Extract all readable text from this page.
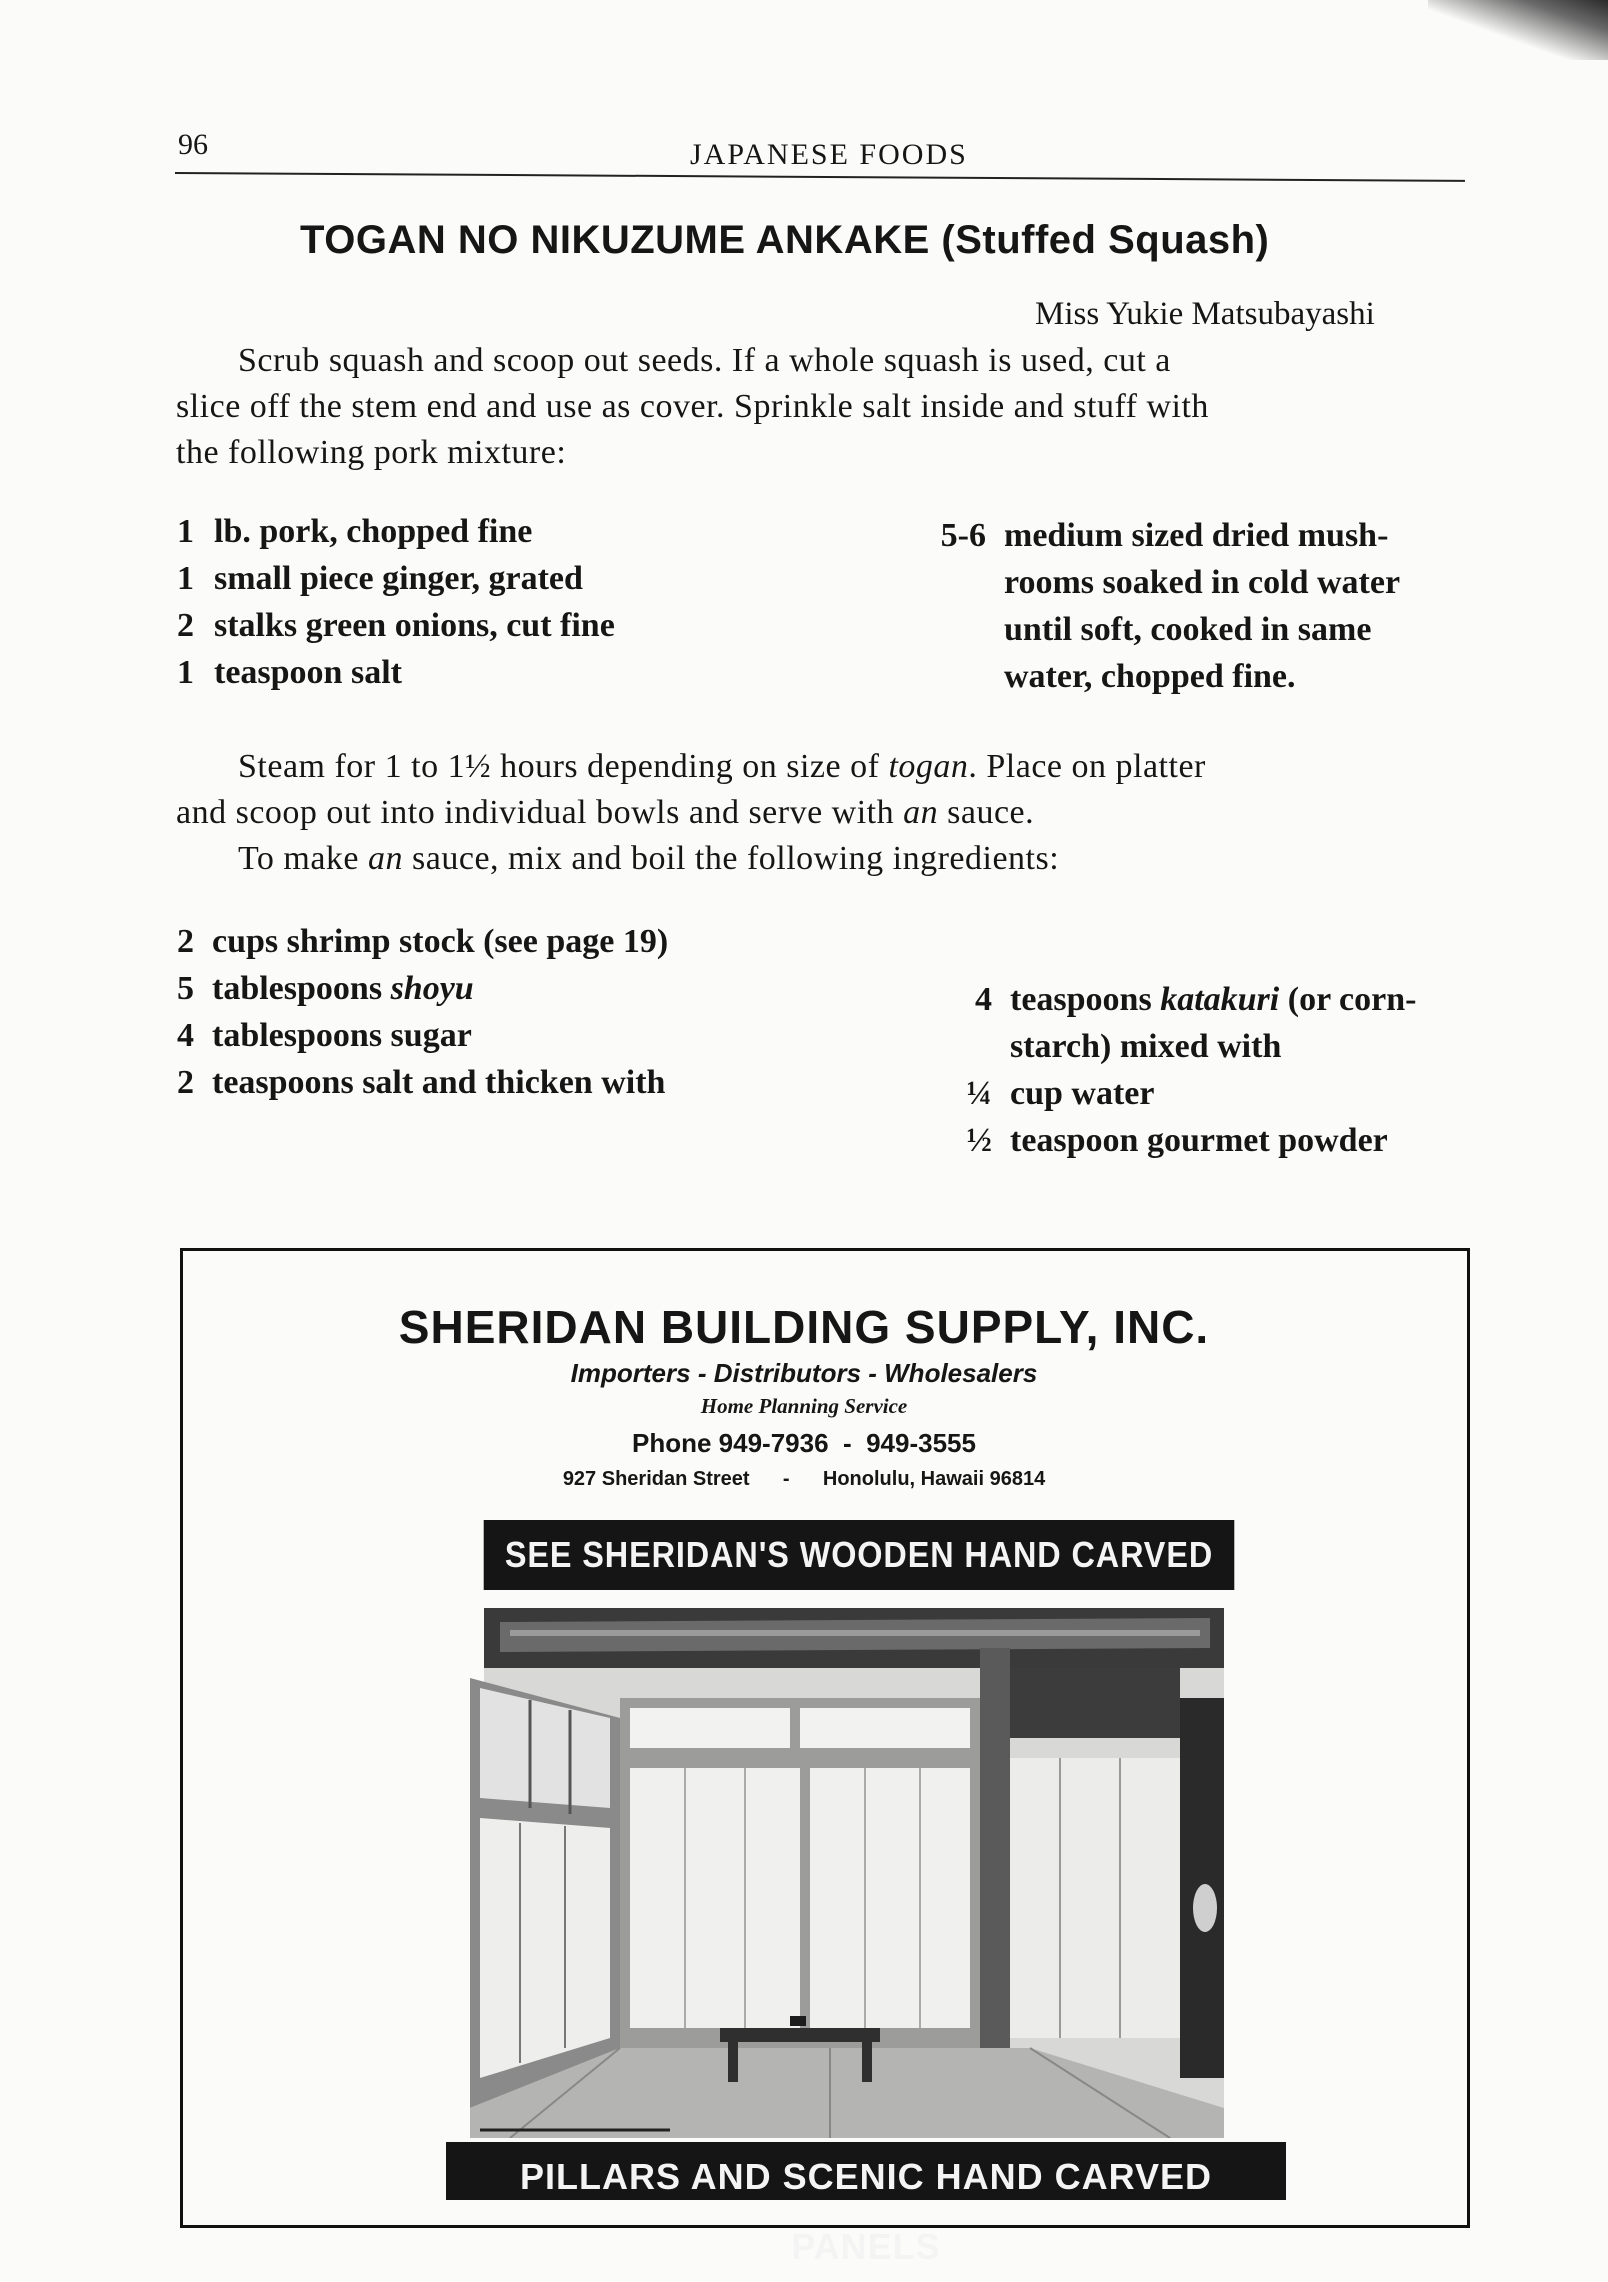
96	JAPANESE FOODS
TOGAN NO NIKUZUME ANKAKE (Stuffed Squash)
Miss Yukie Matsubayashi
Scrub squash and scoop out seeds. If a whole squash is used, cut a
slice off the stem end and use as cover. Sprinkle salt inside and stuff with
the following pork mixture:
1 lb. pork, chopped fine
1 small piece ginger, grated
2 stalks green onions, cut fine
1 teaspoon salt
5-6 medium sized dried mush-
rooms soaked in cold water
until soft, cooked in same
water, chopped fine.
Steam for 1 to 1½ hours depending on size of togan. Place on platter
and scoop out into individual bowls and serve with an sauce.
To make an sauce, mix and boil the following ingredients:
2 cups shrimp stock (see page 19)
5 tablespoons shoyu
4 tablespoons sugar
2 teaspoons salt and thicken with
4 teaspoons katakuri (or corn-starch) mixed with
¼ cup water
½ teaspoon gourmet powder
SHERIDAN BUILDING SUPPLY, INC.
Importers - Distributors - Wholesalers
Home Planning Service
Phone 949-7936  -  949-3555
927 Sheridan Street      -      Honolulu, Hawaii 96814
SEE SHERIDAN'S WOODEN HAND CARVED
PILLARS AND SCENIC HAND CARVED PANELS
